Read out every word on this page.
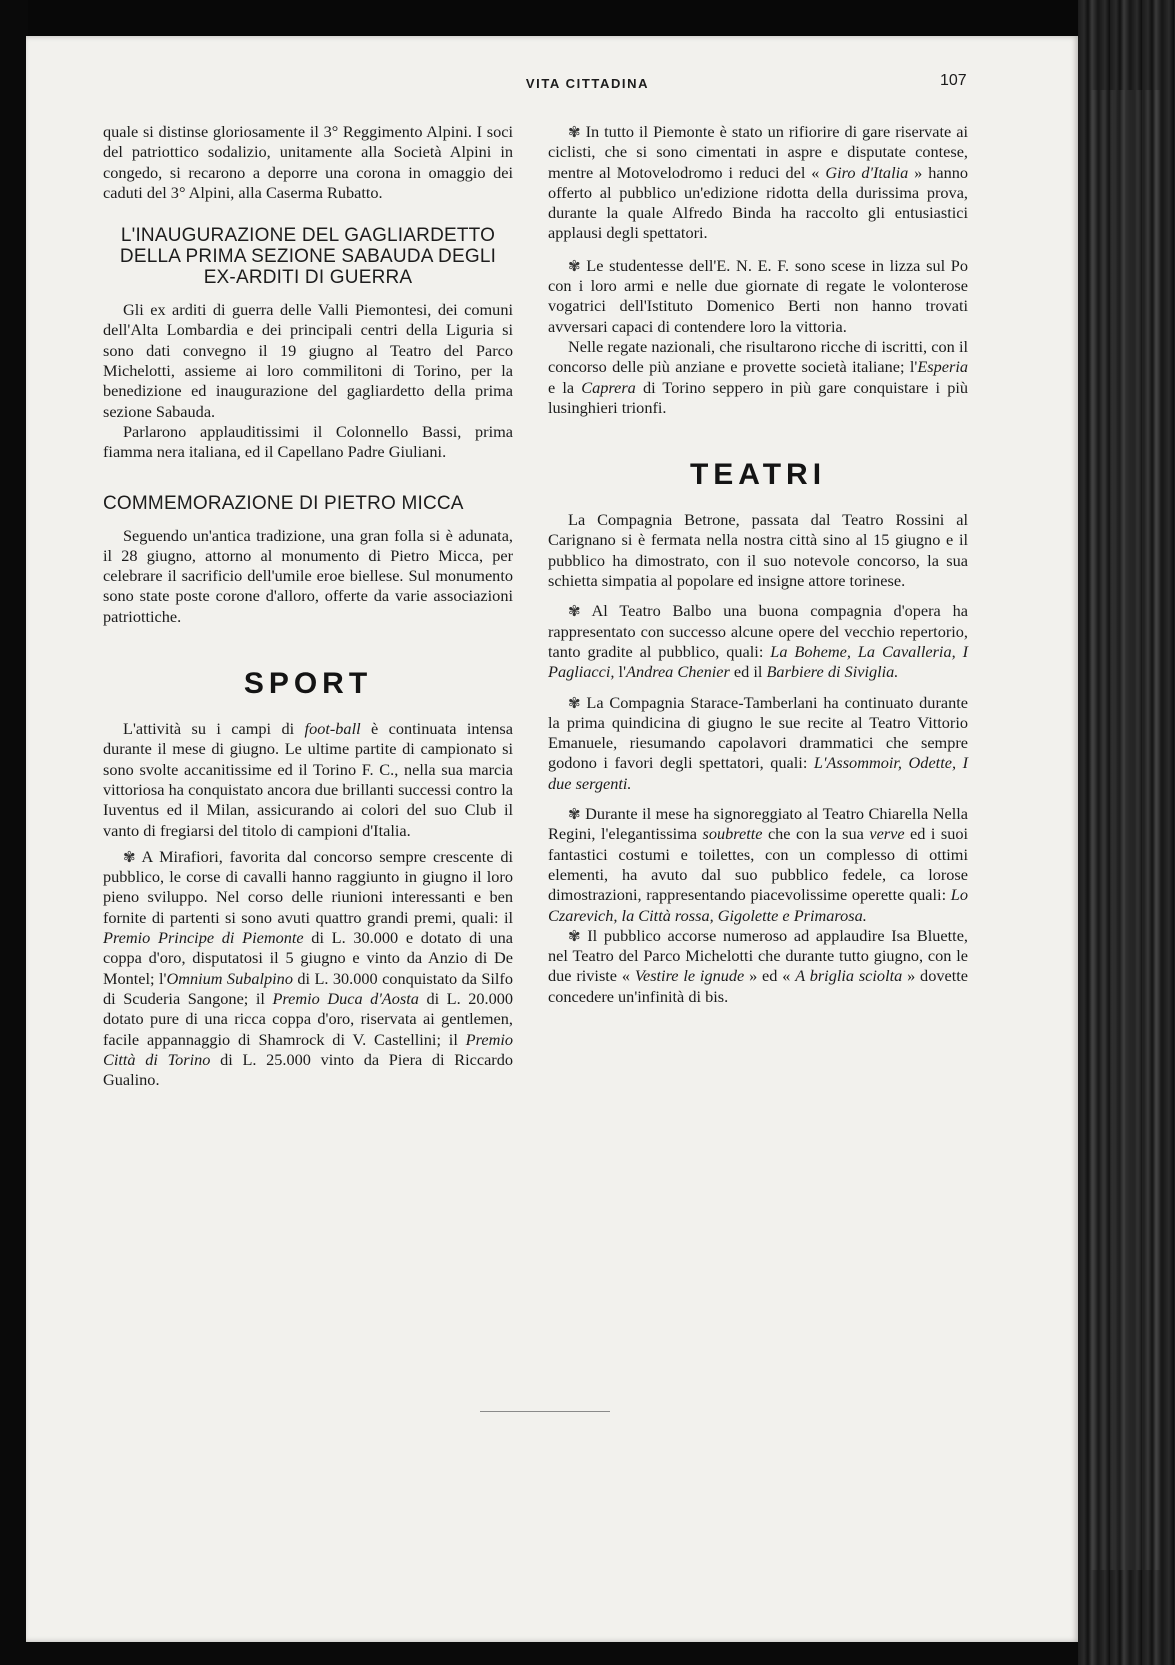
VITA CITTADINA	107

quale si distinse gloriosamente il 3° Reggimento Alpini. I soci del patriottico sodalizio, unitamente alla Società Alpini in congedo, si recarono a deporre una corona in omaggio dei caduti del 3° Alpini, alla Caserma Rubatto.

L'INAUGURAZIONE DEL GAGLIARDETTO DELLA PRIMA SEZIONE SABAUDA DEGLI EX-ARDITI DI GUERRA

Gli ex arditi di guerra delle Valli Piemontesi, dei comuni dell'Alta Lombardia e dei principali centri della Liguria si sono dati convegno il 19 giugno al Teatro del Parco Michelotti, assieme ai loro commilitoni di Torino, per la benedizione ed inaugurazione del gagliardetto della prima sezione Sabauda.

Parlarono applauditissimi il Colonnello Bassi, prima fiamma nera italiana, ed il Capellano Padre Giuliani.

COMMEMORAZIONE DI PIETRO MICCA

Seguendo un'antica tradizione, una gran folla si è adunata, il 28 giugno, attorno al monumento di Pietro Micca, per celebrare il sacrificio dell'umile eroe biellese. Sul monumento sono state poste corone d'alloro, offerte da varie associazioni patriottiche.

SPORT

L'attività su i campi di foot-ball è continuata intensa durante il mese di giugno. Le ultime partite di campionato si sono svolte accanitissime ed il Torino F. C., nella sua marcia vittoriosa ha conquistato ancora due brillanti successi contro la Iuventus ed il Milan, assicurando ai colori del suo Club il vanto di fregiarsi del titolo di campioni d'Italia.

✾ A Mirafiori, favorita dal concorso sempre crescente di pubblico, le corse di cavalli hanno raggiunto in giugno il loro pieno sviluppo. Nel corso delle riunioni interessanti e ben fornite di partenti si sono avuti quattro grandi premi, quali: il Premio Principe di Piemonte di L. 30.000 e dotato di una coppa d'oro, disputatosi il 5 giugno e vinto da Anzio di De Montel; l'Omnium Subalpino di L. 30.000 conquistato da Silfo di Scuderia Sangone; il Premio Duca d'Aosta di L. 20.000 dotato pure di una ricca coppa d'oro, riservata ai gentlemen, facile appannaggio di Shamrock di V. Castellini; il Premio Città di Torino di L. 25.000 vinto da Piera di Riccardo Gualino.

✾ In tutto il Piemonte è stato un rifiorire di gare riservate ai ciclisti, che si sono cimentati in aspre e disputate contese, mentre al Motovelodromo i reduci del « Giro d'Italia » hanno offerto al pubblico un'edizione ridotta della durissima prova, durante la quale Alfredo Binda ha raccolto gli entusiastici applausi degli spettatori.

✾ Le studentesse dell'E. N. E. F. sono scese in lizza sul Po con i loro armi e nelle due giornate di regate le volonterose vogatrici dell'Istituto Domenico Berti non hanno trovati avversari capaci di contendere loro la vittoria.

Nelle regate nazionali, che risultarono ricche di iscritti, con il concorso delle più anziane e provette società italiane; l'Esperia e la Caprera di Torino seppero in più gare conquistare i più lusinghieri trionfi.

TEATRI

La Compagnia Betrone, passata dal Teatro Rossini al Carignano si è fermata nella nostra città sino al 15 giugno e il pubblico ha dimostrato, con il suo notevole concorso, la sua schietta simpatia al popolare ed insigne attore torinese.

✾ Al Teatro Balbo una buona compagnia d'opera ha rappresentato con successo alcune opere del vecchio repertorio, tanto gradite al pubblico, quali: La Boheme, La Cavalleria, I Pagliacci, l'Andrea Chenier ed il Barbiere di Siviglia.

✾ La Compagnia Starace-Tamberlani ha continuato durante la prima quindicina di giugno le sue recite al Teatro Vittorio Emanuele, riesumando capolavori drammatici che sempre godono i favori degli spettatori, quali: L'Assommoir, Odette, I due sergenti.

✾ Durante il mese ha signoreggiato al Teatro Chiarella Nella Regini, l'elegantissima soubrette che con la sua verve ed i suoi fantastici costumi e toilettes, con un complesso di ottimi elementi, ha avuto dal suo pubblico fedele, ca lorose dimostrazioni, rappresentando piacevolissime operette quali: Lo Czarevich, la Città rossa, Gigolette e Primarosa.

✾ Il pubblico accorse numeroso ad applaudire Isa Bluette, nel Teatro del Parco Michelotti che durante tutto giugno, con le due riviste « Vestire le ignude » ed « A briglia sciolta » dovette concedere un'infinità di bis.
